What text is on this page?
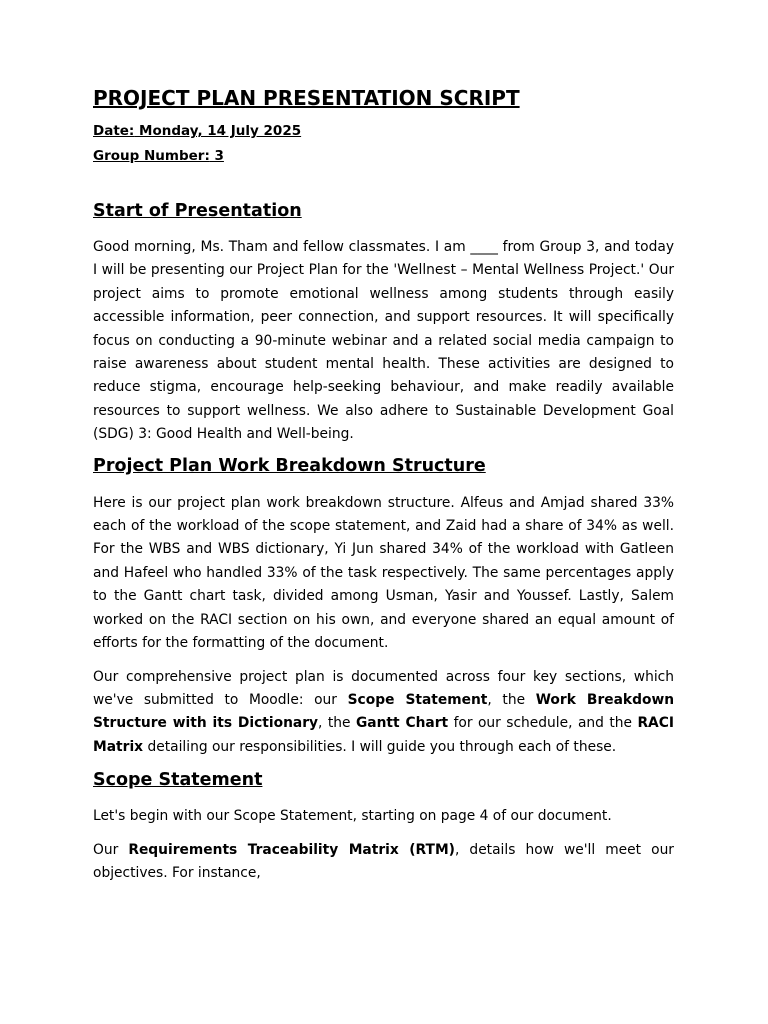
PROJECT PLAN PRESENTATION SCRIPT

Date: Monday, 14 July 2025

Group Number: 3

Start of Presentation

Good morning, Ms. Tham and fellow classmates. I am ____ from Group 3, and today I will be presenting our Project Plan for the 'Wellnest – Mental Wellness Project.' Our project aims to promote emotional wellness among students through easily accessible information, peer connection, and support resources. It will specifically focus on conducting a 90-minute webinar and a related social media campaign to raise awareness about student mental health. These activities are designed to reduce stigma, encourage help-seeking behaviour, and make readily available resources to support wellness. We also adhere to Sustainable Development Goal (SDG) 3: Good Health and Well-being.

Project Plan Work Breakdown Structure

Here is our project plan work breakdown structure. Alfeus and Amjad shared 33% each of the workload of the scope statement, and Zaid had a share of 34% as well. For the WBS and WBS dictionary, Yi Jun shared 34% of the workload with Gatleen and Hafeel who handled 33% of the task respectively. The same percentages apply to the Gantt chart task, divided among Usman, Yasir and Youssef. Lastly, Salem worked on the RACI section on his own, and everyone shared an equal amount of efforts for the formatting of the document.

Our comprehensive project plan is documented across four key sections, which we've submitted to Moodle: our Scope Statement, the Work Breakdown Structure with its Dictionary, the Gantt Chart for our schedule, and the RACI Matrix detailing our responsibilities. I will guide you through each of these.

Scope Statement

Let's begin with our Scope Statement, starting on page 4 of our document.

Our Requirements Traceability Matrix (RTM), details how we'll meet our objectives. For instance,
